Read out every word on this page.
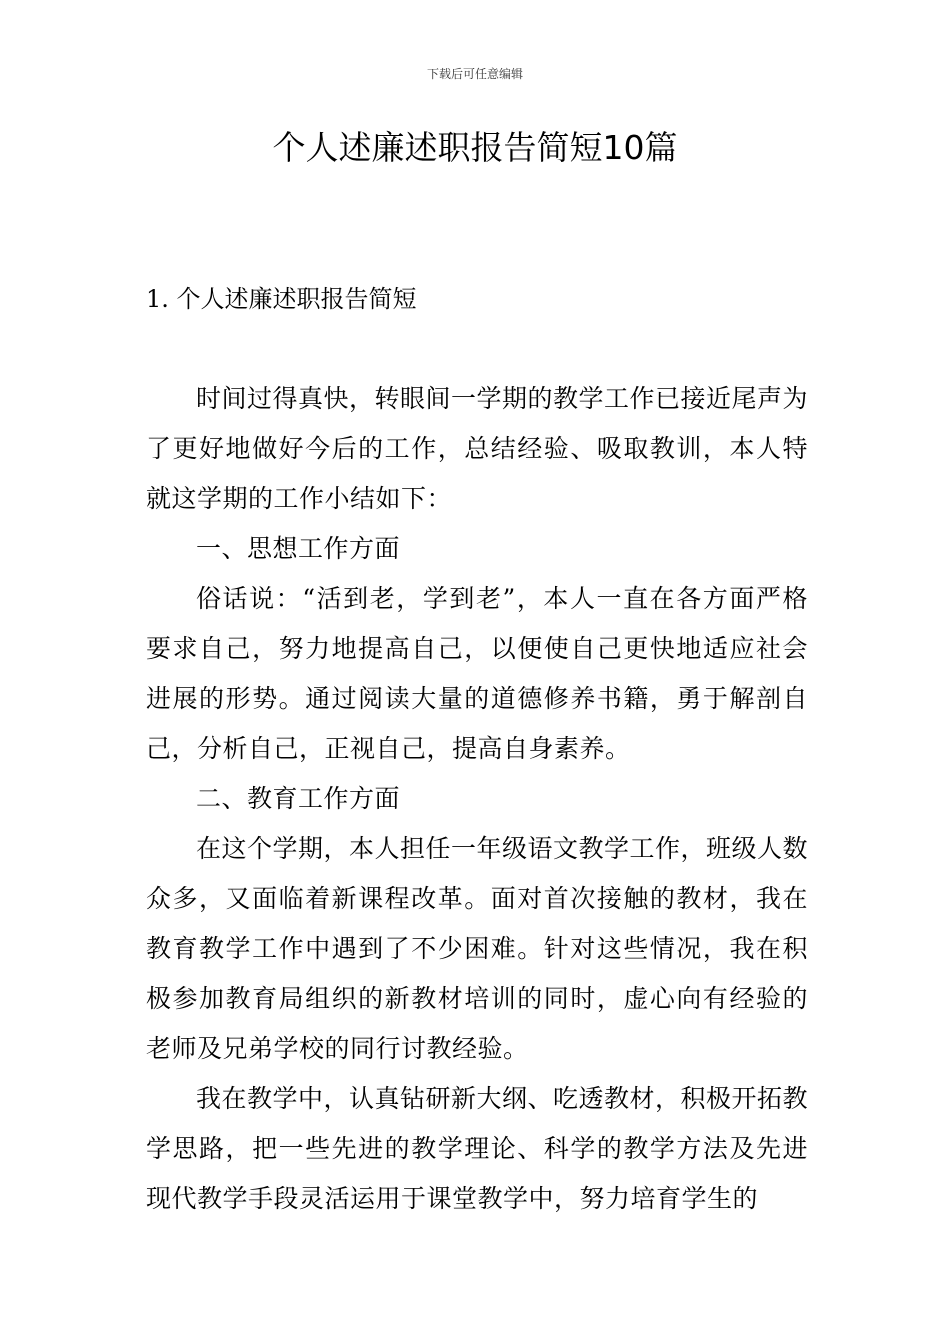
下载后可任意编辑
个人述廉述职报告简短10篇
1. 个人述廉述职报告简短

时间过得真快，转眼间一学期的教学工作已接近尾声为了更好地做好今后的工作，总结经验、吸取教训，本人特就这学期的工作小结如下：

一、思想工作方面

俗话说：“活到老，学到老”，本人一直在各方面严格要求自己，努力地提高自己，以便使自己更快地适应社会进展的形势。通过阅读大量的道德修养书籍，勇于解剖自己，分析自己，正视自己，提高自身素养。

二、教育工作方面

在这个学期，本人担任一年级语文教学工作，班级人数众多，又面临着新课程改革。面对首次接触的教材，我在教育教学工作中遇到了不少困难。针对这些情况，我在积极参加教育局组织的新教材培训的同时，虚心向有经验的老师及兄弟学校的同行讨教经验。

我在教学中，认真钻研新大纲、吃透教材，积极开拓教学思路，把一些先进的教学理论、科学的教学方法及先进现代教学手段灵活运用于课堂教学中，努力培育学生的
